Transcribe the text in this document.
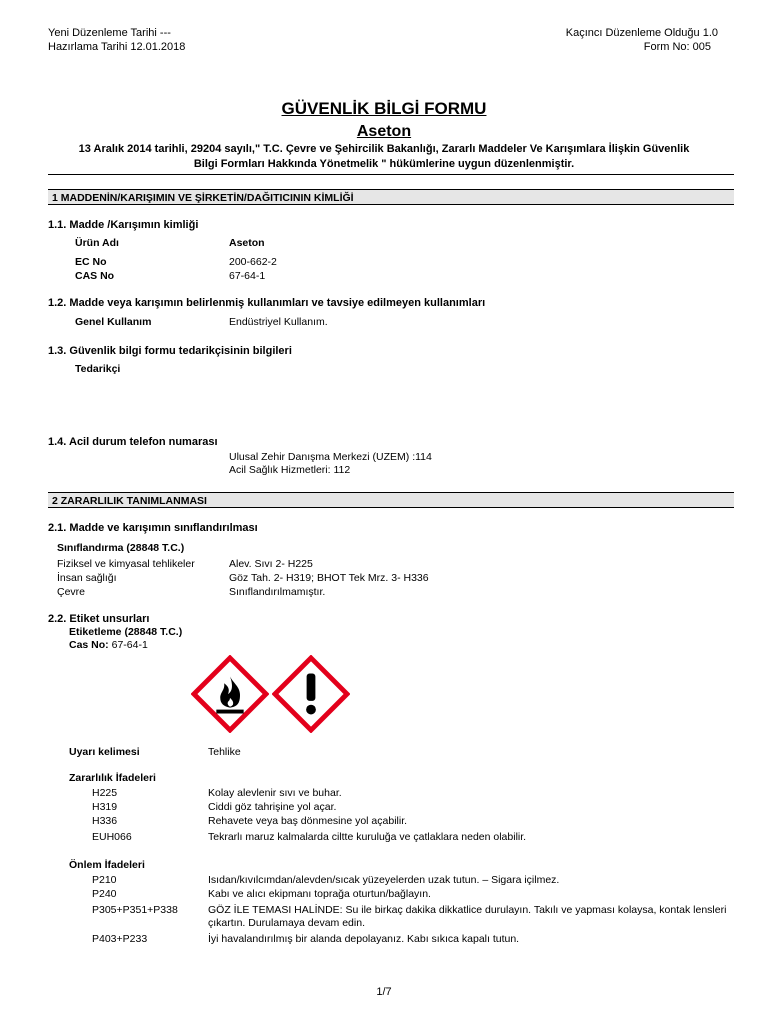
Yeni Düzenleme Tarihi ---
Hazırlama Tarihi 12.01.2018
Kaçıncı Düzenleme Olduğu 1.0
Form No: 005
GÜVENLİK BİLGİ FORMU
Aseton
13 Aralık 2014 tarihli, 29204 sayılı," T.C. Çevre ve Şehircilik Bakanlığı, Zararlı Maddeler Ve Karışımlara İlişkin Güvenlik
Bilgi Formları Hakkında Yönetmelik " hükümlerine uygun düzenlenmiştir.
1 MADDENİN/KARIŞIMIN VE ŞİRKETİN/DAĞITICININ KİMLİĞİ
1.1. Madde /Karışımın kimliği
Ürün Adı	Aseton
EC No	200-662-2
CAS No	67-64-1
1.2. Madde veya karışımın belirlenmiş kullanımları ve tavsiye edilmeyen kullanımları
Genel Kullanım	Endüstriyel Kullanım.
1.3. Güvenlik bilgi formu tedarikçisinin bilgileri
Tedarikçi
1.4. Acil durum telefon numarası
Ulusal Zehir Danışma Merkezi (UZEM) :114
Acil Sağlık Hizmetleri: 112
2 ZARARLILIK TANIMLANMASI
2.1. Madde ve karışımın sınıflandırılması
Sınıflandırma (28848 T.C.)
Fiziksel ve kimyasal tehlikeler	Alev. Sıvı 2- H225
İnsan sağlığı	Göz Tah. 2- H319; BHOT Tek Mrz. 3- H336
Çevre	Sınıflandırılmamıştır.
2.2. Etiket unsurları
Etiketleme (28848 T.C.)
Cas No: 67-64-1
Uyarı kelimesi	Tehlike
Zararlılık İfadeleri
H225	Kolay alevlenir sıvı ve buhar.
H319	Ciddi göz tahrişine yol açar.
H336	Rehavete veya baş dönmesine yol açabilir.
EUH066	Tekrarlı maruz kalmalarda ciltte kuruluğa ve çatlaklara neden olabilir.
Önlem İfadeleri
P210	Isıdan/kıvılcımdan/alevden/sıcak yüzeyelerden uzak tutun. – Sigara içilmez.
P240	Kabı ve alıcı ekipmanı toprağa oturtun/bağlayın.
P305+P351+P338	GÖZ İLE TEMASI HALİNDE: Su ile birkaç dakika dikkatlice durulayın. Takılı ve yapması kolaysa, kontak lensleri çıkartın. Durulamaya devam edin.
P403+P233	İyi havalandırılmış bir alanda depolayanız. Kabı sıkıca kapalı tutun.
1/7
